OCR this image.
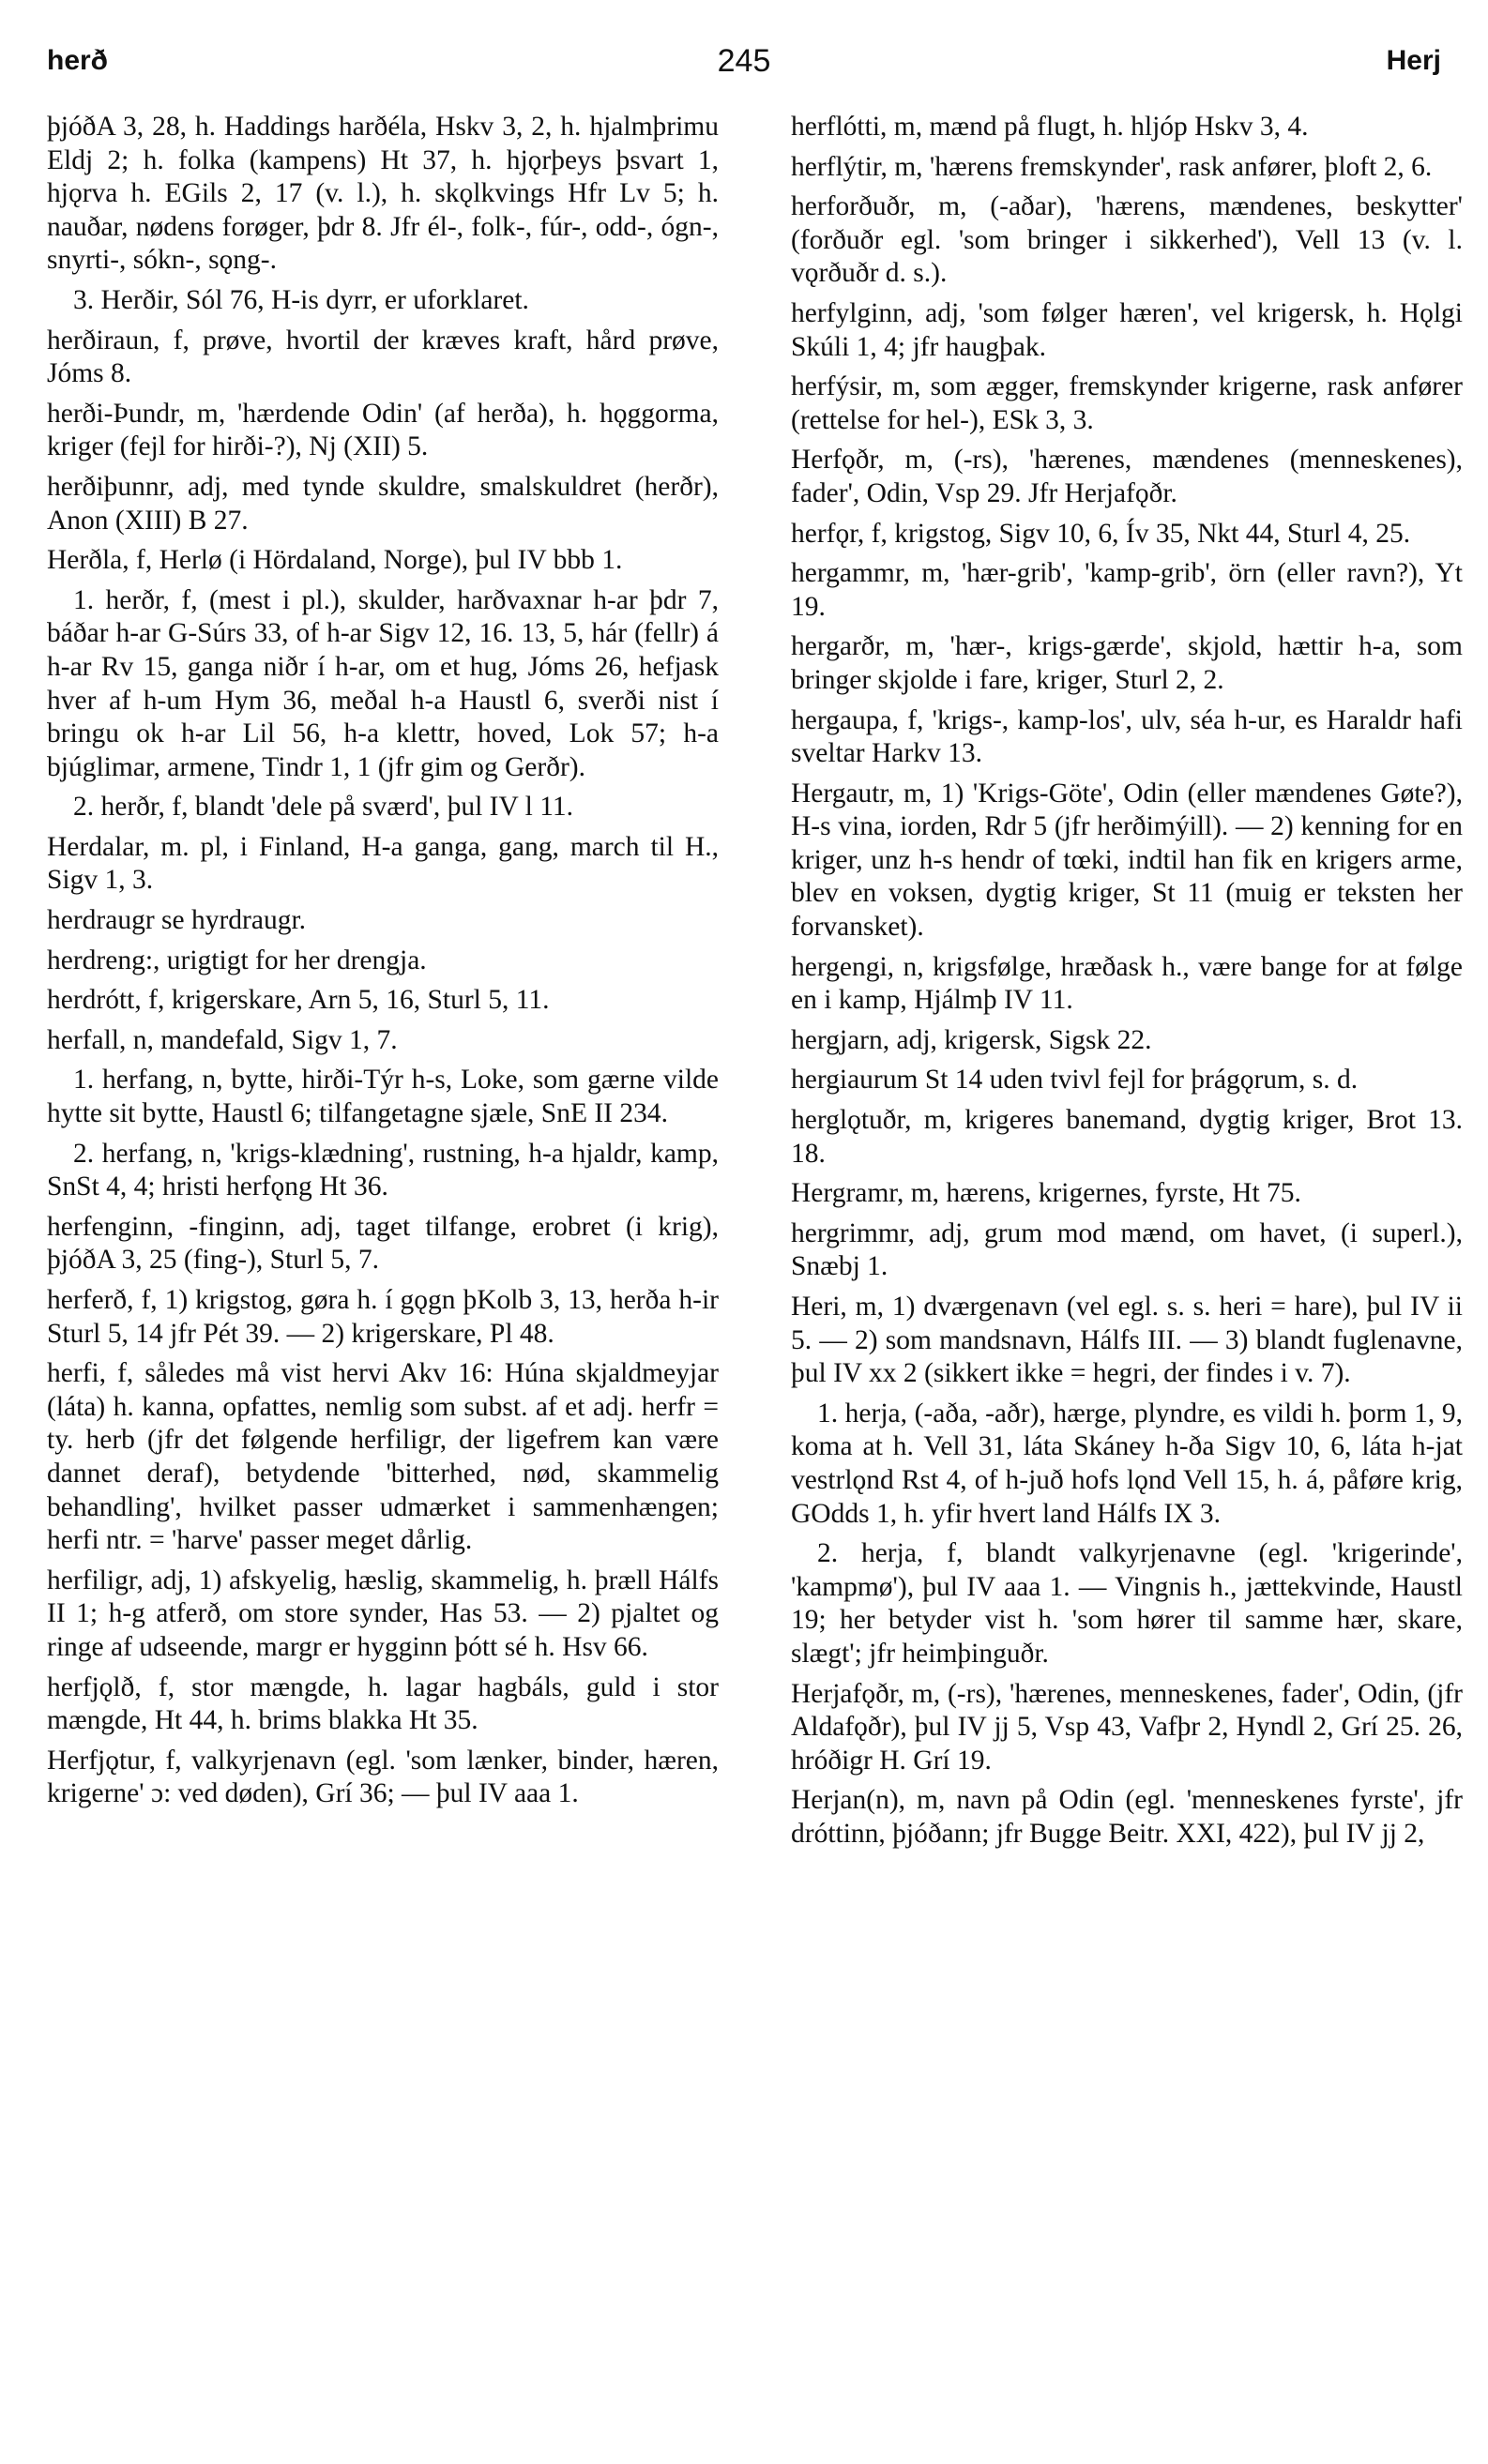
herð	245	Herj

þjóðA 3, 28, h. Haddings harðéla, Hskv 3, 2, h. hjalmþrimu Eldj 2; h. folka (kampens) Ht 37, h. hjǫrþeys þsvart 1, hjǫrva h. EGils 2, 17 (v. l.), h. skǫlkvings Hfr Lv 5; h. nauðar, nødens forøger, þdr 8. Jfr él-, folk-, fúr-, odd-, ógn-, snyrti-, sókn-, sǫng-.

3. Herðir, Sól 76, H-is dyrr, er uforklaret.

herðiraun, f, prøve, hvortil der kræves kraft, hård prøve, Jóms 8.

herði-Þundr, m, 'hærdende Odin' (af herða), h. hǫggorma, kriger (fejl for hirði-?), Nj (XII) 5.

herðiþunnr, adj, med tynde skuldre, smalskuldret (herðr), Anon (XIII) B 27.

Herðla, f, Herlø (i Hördaland, Norge), þul IV bbb 1.

1. herðr, f, (mest i pl.), skulder, harðvaxnar h-ar þdr 7, báðar h-ar G-Súrs 33, of h-ar Sigv 12, 16. 13, 5, hár (fellr) á h-ar Rv 15, ganga niðr í h-ar, om et hug, Jóms 26, hefjask hver af h-um Hym 36, meðal h-a Haustl 6, sverði nist í bringu ok h-ar Lil 56, h-a klettr, hoved, Lok 57; h-a bjúglimar, armene, Tindr 1, 1 (jfr gim og Gerðr).

2. herðr, f, blandt 'dele på sværd', þul IV l 11.

Herdalar, m. pl, i Finland, H-a ganga, gang, march til H., Sigv 1, 3.

herdraugr se hyrdraugr.

herdreng:, urigtigt for her drengja.

herdrótt, f, krigerskare, Arn 5, 16, Sturl 5, 11.

herfall, n, mandefald, Sigv 1, 7.

1. herfang, n, bytte, hirði-Týr h-s, Loke, som gærne vilde hytte sit bytte, Haustl 6; tilfangetagne sjæle, SnE II 234.

2. herfang, n, 'krigs-klædning', rustning, h-a hjaldr, kamp, SnSt 4, 4; hristi herfǫng Ht 36.

herfenginn, -finginn, adj, taget tilfange, erobret (i krig), þjóðA 3, 25 (fing-), Sturl 5, 7.

herferð, f, 1) krigstog, gøra h. í gǫgn þKolb 3, 13, herða h-ir Sturl 5, 14 jfr Pét 39. — 2) krigerskare, Pl 48.

herfi, f, således må vist hervi Akv 16: Húna skjaldmeyjar (láta) h. kanna, opfattes, nemlig som subst. af et adj. herfr = ty. herb (jfr det følgende herfiligr, der ligefrem kan være dannet deraf), betydende 'bitterhed, nød, skammelig behandling', hvilket passer udmærket i sammenhængen; herfi ntr. = 'harve' passer meget dårlig.

herfiligr, adj, 1) afskyelig, hæslig, skammelig, h. þræll Hálfs II 1; h-g atferð, om store synder, Has 53. — 2) pjaltet og ringe af udseende, margr er hygginn þótt sé h. Hsv 66.

herfjǫlð, f, stor mængde, h. lagar hagbáls, guld i stor mængde, Ht 44, h. brims blakka Ht 35.

Herfjǫtur, f, valkyrjenavn (egl. 'som lænker, binder, hæren, krigerne' ɔ: ved døden), Grí 36; — þul IV aaa 1.

herflótti, m, mænd på flugt, h. hljóp Hskv 3, 4.

herflýtir, m, 'hærens fremskynder', rask anfører, þloft 2, 6.

herforðuðr, m, (-aðar), 'hærens, mændenes, beskytter' (forðuðr egl. 'som bringer i sikkerhed'), Vell 13 (v. l. vǫrðuðr d. s.).

herfylginn, adj, 'som følger hæren', vel krigersk, h. Hǫlgi Skúli 1, 4; jfr haugþak.

herfýsir, m, som ægger, fremskynder krigerne, rask anfører (rettelse for hel-), ESk 3, 3.

Herfǫðr, m, (-rs), 'hærenes, mændenes (menneskenes), fader', Odin, Vsp 29. Jfr Herjafǫðr.

herfǫr, f, krigstog, Sigv 10, 6, Ív 35, Nkt 44, Sturl 4, 25.

hergammr, m, 'hær-grib', 'kamp-grib', örn (eller ravn?), Yt 19.

hergarðr, m, 'hær-, krigs-gærde', skjold, hættir h-a, som bringer skjolde i fare, kriger, Sturl 2, 2.

hergaupa, f, 'krigs-, kamp-los', ulv, séa h-ur, es Haraldr hafi sveltar Harkv 13.

Hergautr, m, 1) 'Krigs-Göte', Odin (eller mændenes Gøte?), H-s vina, iorden, Rdr 5 (jfr herðimýill). — 2) kenning for en kriger, unz h-s hendr of tœki, indtil han fik en krigers arme, blev en voksen, dygtig kriger, St 11 (muig er teksten her forvansket).

hergengi, n, krigsfølge, hræðask h., være bange for at følge en i kamp, Hjálmþ IV 11.

hergjarn, adj, krigersk, Sigsk 22.

hergiaurum St 14 uden tvivl fejl for þrágǫrum, s. d.

herglǫtuðr, m, krigeres banemand, dygtig kriger, Brot 13. 18.

Hergramr, m, hærens, krigernes, fyrste, Ht 75.

hergrimmr, adj, grum mod mænd, om havet, (i superl.), Snæbj 1.

Heri, m, 1) dværgenavn (vel egl. s. s. heri = hare), þul IV ii 5. — 2) som mandsnavn, Hálfs III. — 3) blandt fuglenavne, þul IV xx 2 (sikkert ikke = hegri, der findes i v. 7).

1. herja, (-aða, -aðr), hærge, plyndre, es vildi h. þorm 1, 9, koma at h. Vell 31, láta Skáney h-ða Sigv 10, 6, láta h-jat vestrlǫnd Rst 4, of h-juð hofs lǫnd Vell 15, h. á, påføre krig, GOdds 1, h. yfir hvert land Hálfs IX 3.

2. herja, f, blandt valkyrjenavne (egl. 'krigerinde', 'kampmø'), þul IV aaa 1. — Vingnis h., jættekvinde, Haustl 19; her betyder vist h. 'som hører til samme hær, skare, slægt'; jfr heimþinguðr.

Herjafǫðr, m, (-rs), 'hærenes, menneskenes, fader', Odin, (jfr Aldafǫðr), þul IV jj 5, Vsp 43, Vafþr 2, Hyndl 2, Grí 25. 26, hróðigr H. Grí 19.

Herjan(n), m, navn på Odin (egl. 'menneskenes fyrste', jfr dróttinn, þjóðann; jfr Bugge Beitr. XXI, 422), þul IV jj 2,
